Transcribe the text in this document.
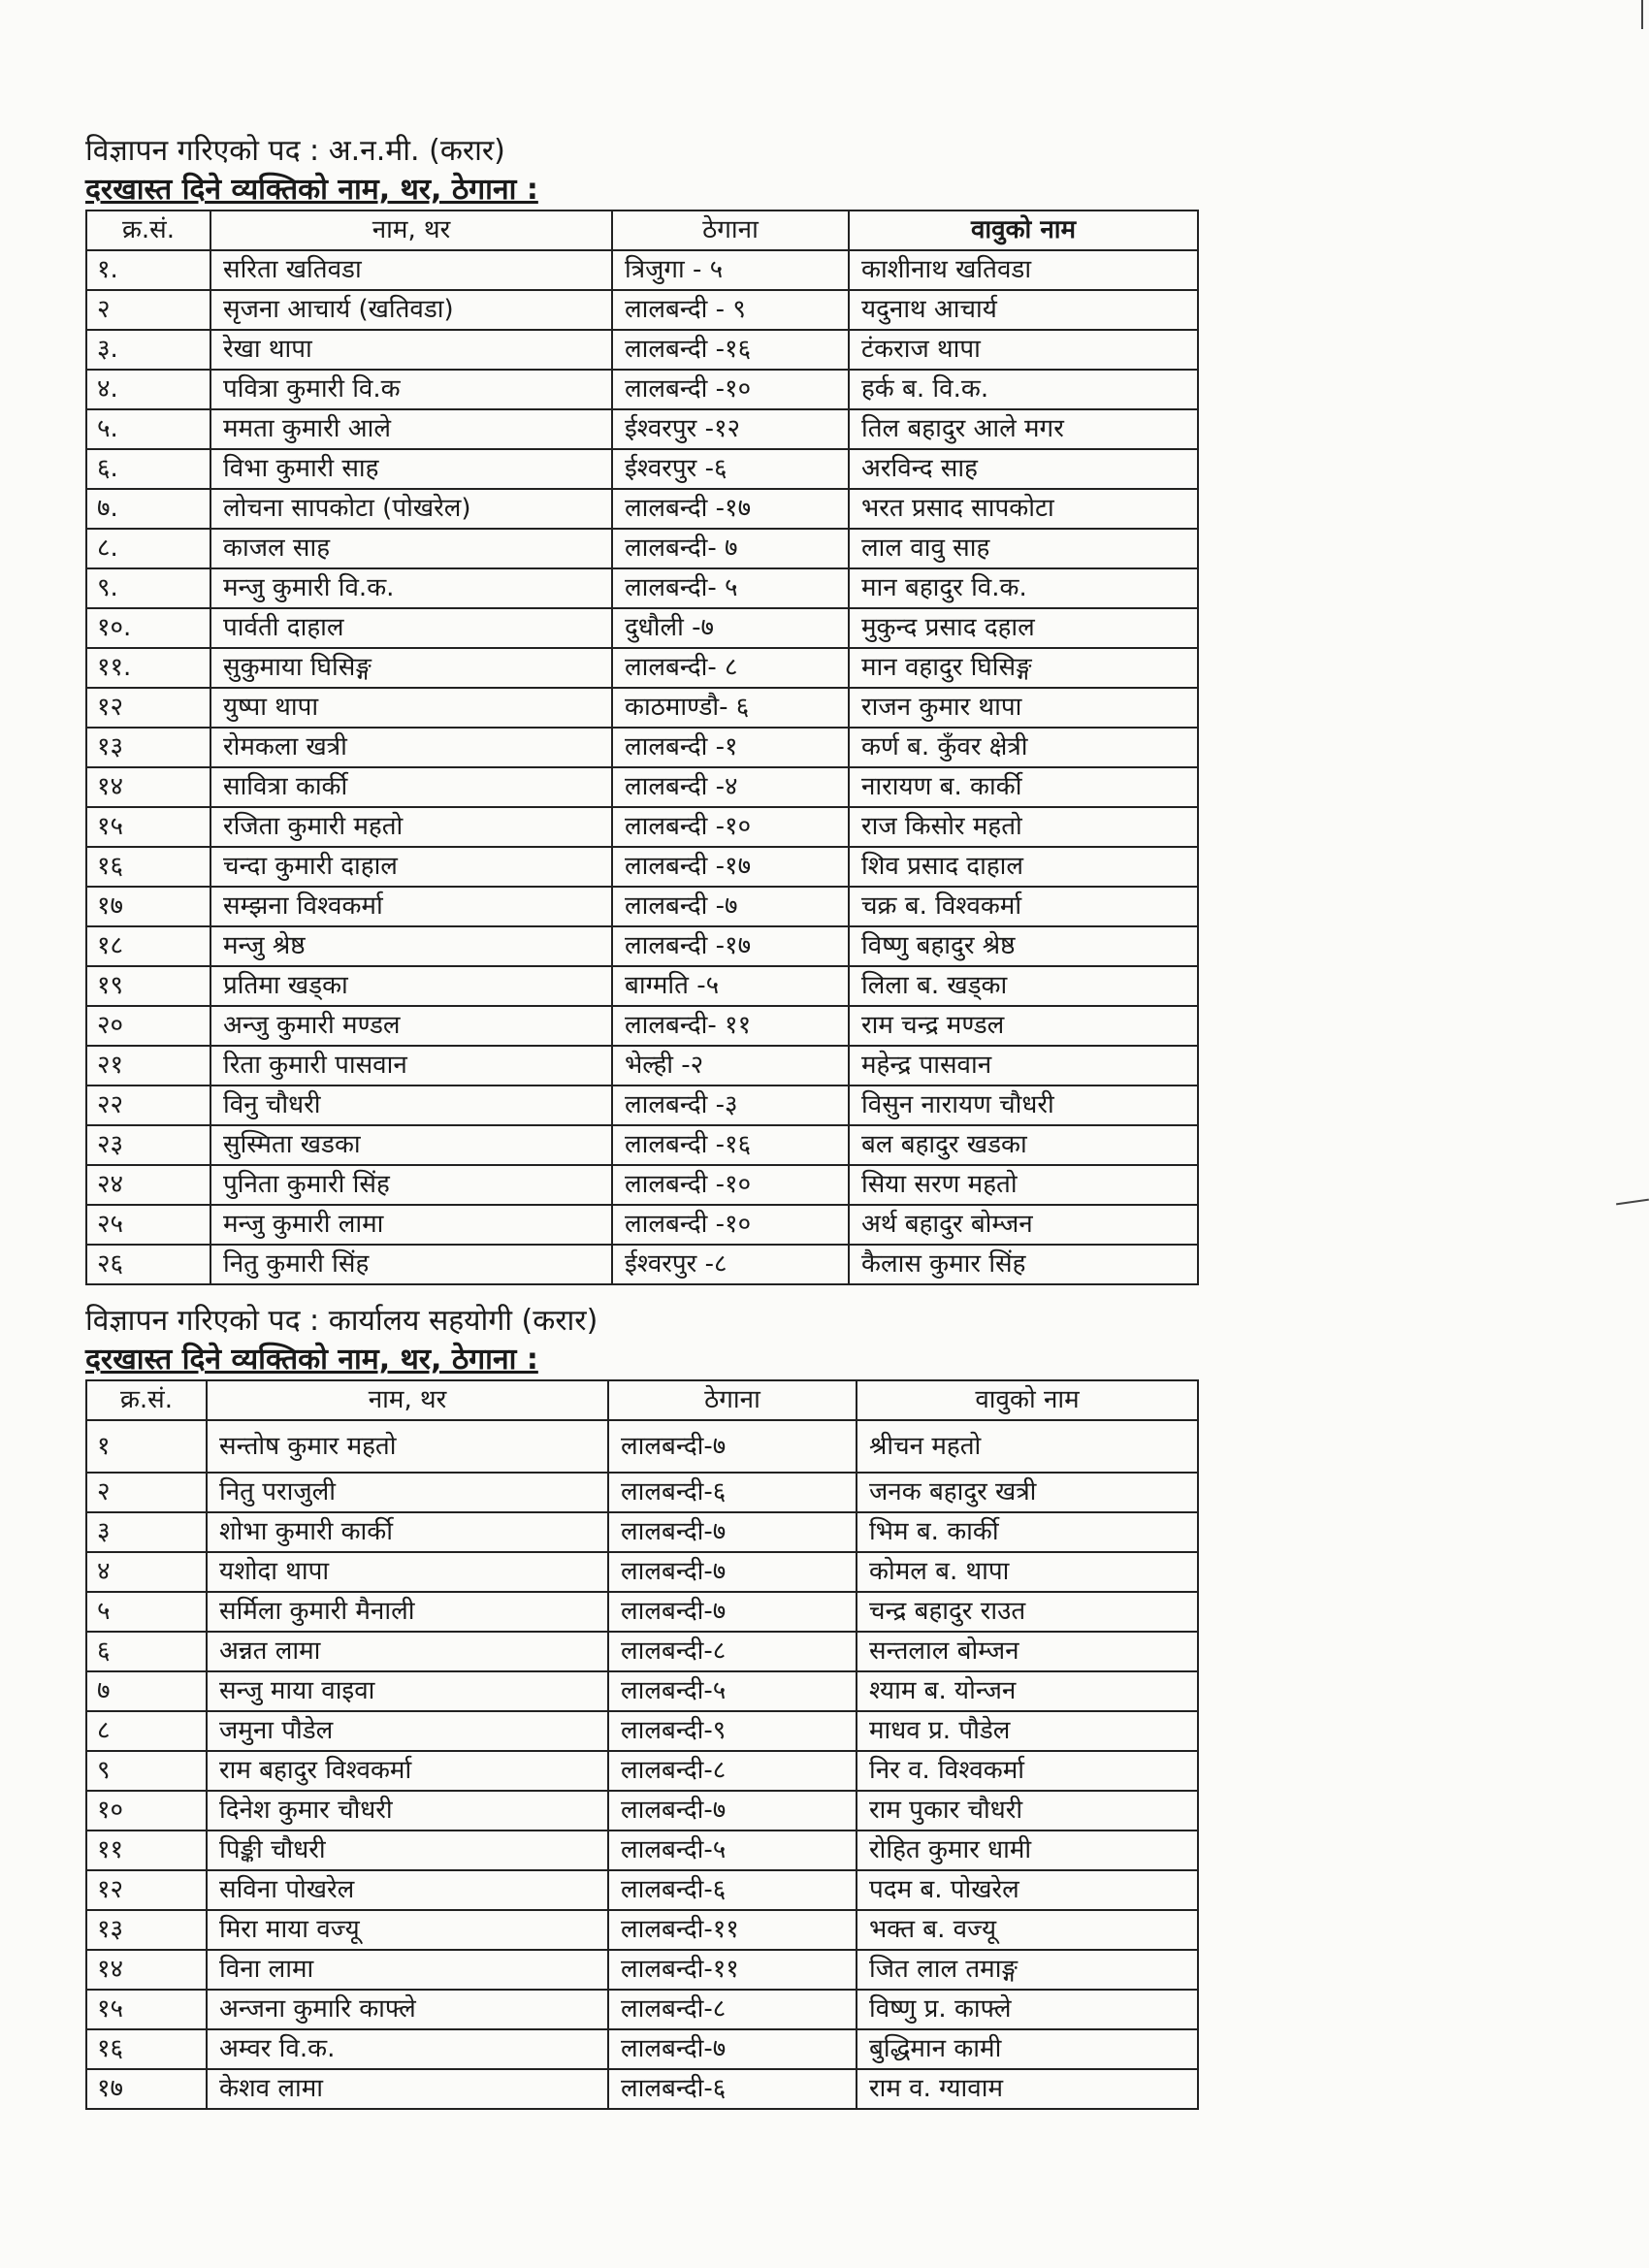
विज्ञापन गरिएको पद : अ.न.मी. (करार)
दरखास्त दिने व्यक्तिको नाम, थर, ठेगाना :
क्र.सं.	नाम, थर	ठेगाना	वावुको नाम
१.	सरिता खतिवडा	त्रिजुगा - ५	काशीनाथ खतिवडा
२	सृजना आचार्य (खतिवडा)	लालबन्दी - ९	यदुनाथ आचार्य
३.	रेखा थापा	लालबन्दी -१६	टंकराज थापा
४.	पवित्रा कुमारी वि.क	लालबन्दी -१०	हर्क ब. वि.क.
५.	ममता कुमारी आले	ईश्वरपुर -१२	तिल बहादुर आले मगर
६.	विभा कुमारी साह	ईश्वरपुर -६	अरविन्द साह
७.	लोचना सापकोटा (पोखरेल)	लालबन्दी -१७	भरत प्रसाद सापकोटा
८.	काजल साह	लालबन्दी- ७	लाल वावु साह
९.	मन्जु कुमारी वि.क.	लालबन्दी- ५	मान बहादुर वि.क.
१०.	पार्वती दाहाल	दुधौली -७	मुकुन्द प्रसाद दहाल
११.	सुकुमाया घिसिङ्ग	लालबन्दी- ८	मान वहादुर घिसिङ्ग
१२	युष्पा थापा	काठमाण्डौ- ६	राजन कुमार थापा
१३	रोमकला खत्री	लालबन्दी -१	कर्ण ब. कुँवर क्षेत्री
१४	सावित्रा कार्की	लालबन्दी -४	नारायण ब. कार्की
१५	रजिता कुमारी महतो	लालबन्दी -१०	राज किसोर महतो
१६	चन्दा कुमारी दाहाल	लालबन्दी -१७	शिव प्रसाद दाहाल
१७	सम्झना विश्वकर्मा	लालबन्दी -७	चक्र ब. विश्वकर्मा
१८	मन्जु श्रेष्ठ	लालबन्दी -१७	विष्णु बहादुर श्रेष्ठ
१९	प्रतिमा खड्का	बाग्मति -५	लिला ब. खड्का
२०	अन्जु कुमारी मण्डल	लालबन्दी- ११	राम चन्द्र मण्डल
२१	रिता कुमारी पासवान	भेल्ही -२	महेन्द्र पासवान
२२	विनु चौधरी	लालबन्दी -३	विसुन नारायण चौधरी
२३	सुस्मिता खडका	लालबन्दी -१६	बल बहादुर खडका
२४	पुनिता कुमारी सिंह	लालबन्दी -१०	सिया सरण महतो
२५	मन्जु कुमारी लामा	लालबन्दी -१०	अर्थ बहादुर बोम्जन
२६	नितु कुमारी सिंह	ईश्वरपुर -८	कैलास कुमार सिंह
विज्ञापन गरिएको पद : कार्यालय सहयोगी (करार)
दरखास्त दिने व्यक्तिको नाम, थर, ठेगाना :
क्र.सं.	नाम, थर	ठेगाना	वावुको नाम
१	सन्तोष कुमार महतो	लालबन्दी-७	श्रीचन महतो
२	नितु पराजुली	लालबन्दी-६	जनक बहादुर खत्री
३	शोभा कुमारी कार्की	लालबन्दी-७	भिम ब. कार्की
४	यशोदा थापा	लालबन्दी-७	कोमल ब. थापा
५	सर्मिला कुमारी मैनाली	लालबन्दी-७	चन्द्र बहादुर राउत
६	अन्नत लामा	लालबन्दी-८	सन्तलाल बोम्जन
७	सन्जु माया वाइवा	लालबन्दी-५	श्याम ब. योन्जन
८	जमुना पौडेल	लालबन्दी-९	माधव प्र. पौडेल
९	राम बहादुर विश्वकर्मा	लालबन्दी-८	निर व. विश्वकर्मा
१०	दिनेश कुमार चौधरी	लालबन्दी-७	राम पुकार चौधरी
११	पिङ्की चौधरी	लालबन्दी-५	रोहित कुमार धामी
१२	सविना पोखरेल	लालबन्दी-६	पदम ब. पोखरेल
१३	मिरा माया वज्यू	लालबन्दी-११	भक्त ब. वज्यू
१४	विना लामा	लालबन्दी-११	जित लाल तमाङ्ग
१५	अन्जना कुमारि काफ्ले	लालबन्दी-८	विष्णु प्र. काफ्ले
१६	अम्वर वि.क.	लालबन्दी-७	बुद्धिमान कामी
१७	केशव लामा	लालबन्दी-६	राम व. ग्यावाम
